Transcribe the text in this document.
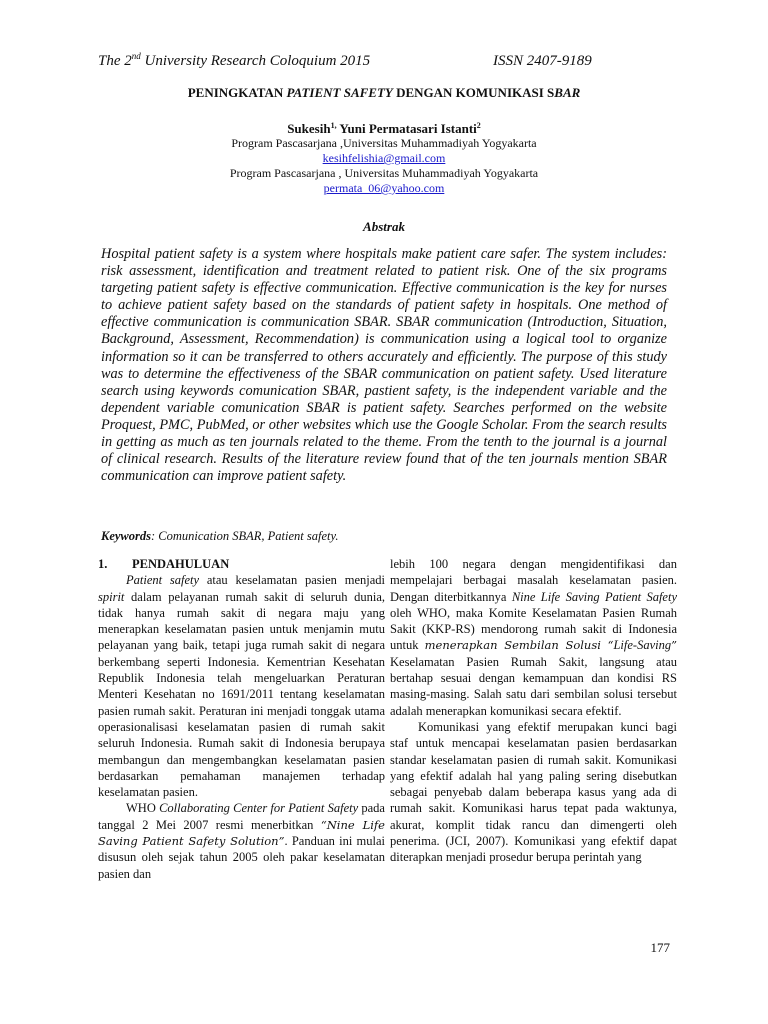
The 2nd University Research Coloquium 2015	ISSN 2407-9189
PENINGKATAN PATIENT SAFETY DENGAN KOMUNIKASI SBAR
Sukesih$^{1,}$ Yuni Permatasari Istanti$^2$
Program Pascasarjana ,Universitas Muhammadiyah Yogyakarta
kesihfelishia@gmail.com
Program Pascasarjana , Universitas Muhammadiyah Yogyakarta
permata_06@yahoo.com
Abstrak

Hospital patient safety is a system where hospitals make patient care safer. The system includes: risk assessment, identification and treatment related to patient risk. One of the six programs targeting patient safety is effective communication. Effective communication is the key for nurses to achieve patient safety based on the standards of patient safety in hospitals. One method of effective communication is communication SBAR. SBAR communication (Introduction, Situation, Background, Assessment, Recommendation) is communication using a logical tool to organize information so it can be transferred to others accurately and efficiently. The purpose of this study was to determine the effectiveness of the SBAR communication on patient safety. Used literature search using keywords comunication SBAR, pastient safety, is the independent variable and the dependent variable comunication SBAR is patient safety. Searches performed on the website Proquest, PMC, PubMed, or other websites which use the Google Scholar. From the search results in getting as much as ten journals related to the theme. From the tenth to the journal is a journal of clinical research. Results of the literature review found that of the ten journals mention SBAR communication can improve patient safety.

Keywords: Comunication SBAR, Patient safety.
1. PENDAHULUAN

Patient safety atau keselamatan pasien menjadi spirit dalam pelayanan rumah sakit di seluruh dunia, tidak hanya rumah sakit di negara maju yang menerapkan keselamatan pasien untuk menjamin mutu pelayanan yang baik, tetapi juga rumah sakit di negara berkembang seperti Indonesia. Kementrian Kesehatan Republik Indonesia telah mengeluarkan Peraturan Menteri Kesehatan no 1691/2011 tentang keselamatan pasien rumah sakit. Peraturan ini menjadi tonggak utama operasionalisasi keselamatan pasien di rumah sakit seluruh Indonesia. Rumah sakit di Indonesia berupaya membangun dan mengembangkan keselamatan pasien berdasarkan pemahaman manajemen terhadap keselamatan pasien.

WHO Collaborating Center for Patient Safety pada tanggal 2 Mei 2007 resmi menerbitkan “Nine Life Saving Patient Safety Solution”. Panduan ini mulai disusun oleh sejak tahun 2005 oleh pakar keselamatan pasien dan

lebih 100 negara dengan mengidentifikasi dan mempelajari berbagai masalah keselamatan pasien. Dengan diterbitkannya Nine Life Saving Patient Safety oleh WHO, maka Komite Keselamatan Pasien Rumah Sakit (KKP-RS) mendorong rumah sakit di Indonesia untuk menerapkan Sembilan Solusi “Life-Saving” Keselamatan Pasien Rumah Sakit, langsung atau bertahap sesuai dengan kemampuan dan kondisi RS masing-masing. Salah satu dari sembilan solusi tersebut adalah menerapkan komunikasi secara efektif.

Komunikasi yang efektif merupakan kunci bagi staf untuk mencapai keselamatan pasien berdasarkan standar keselamatan pasien di rumah sakit. Komunikasi yang efektif adalah hal yang paling sering disebutkan sebagai penyebab dalam beberapa kasus yang ada di rumah sakit. Komunikasi harus tepat pada waktunya, akurat, komplit tidak rancu dan dimengerti oleh penerima. (JCI, 2007). Komunikasi yang efektif dapat diterapkan menjadi prosedur berupa perintah yang

177
